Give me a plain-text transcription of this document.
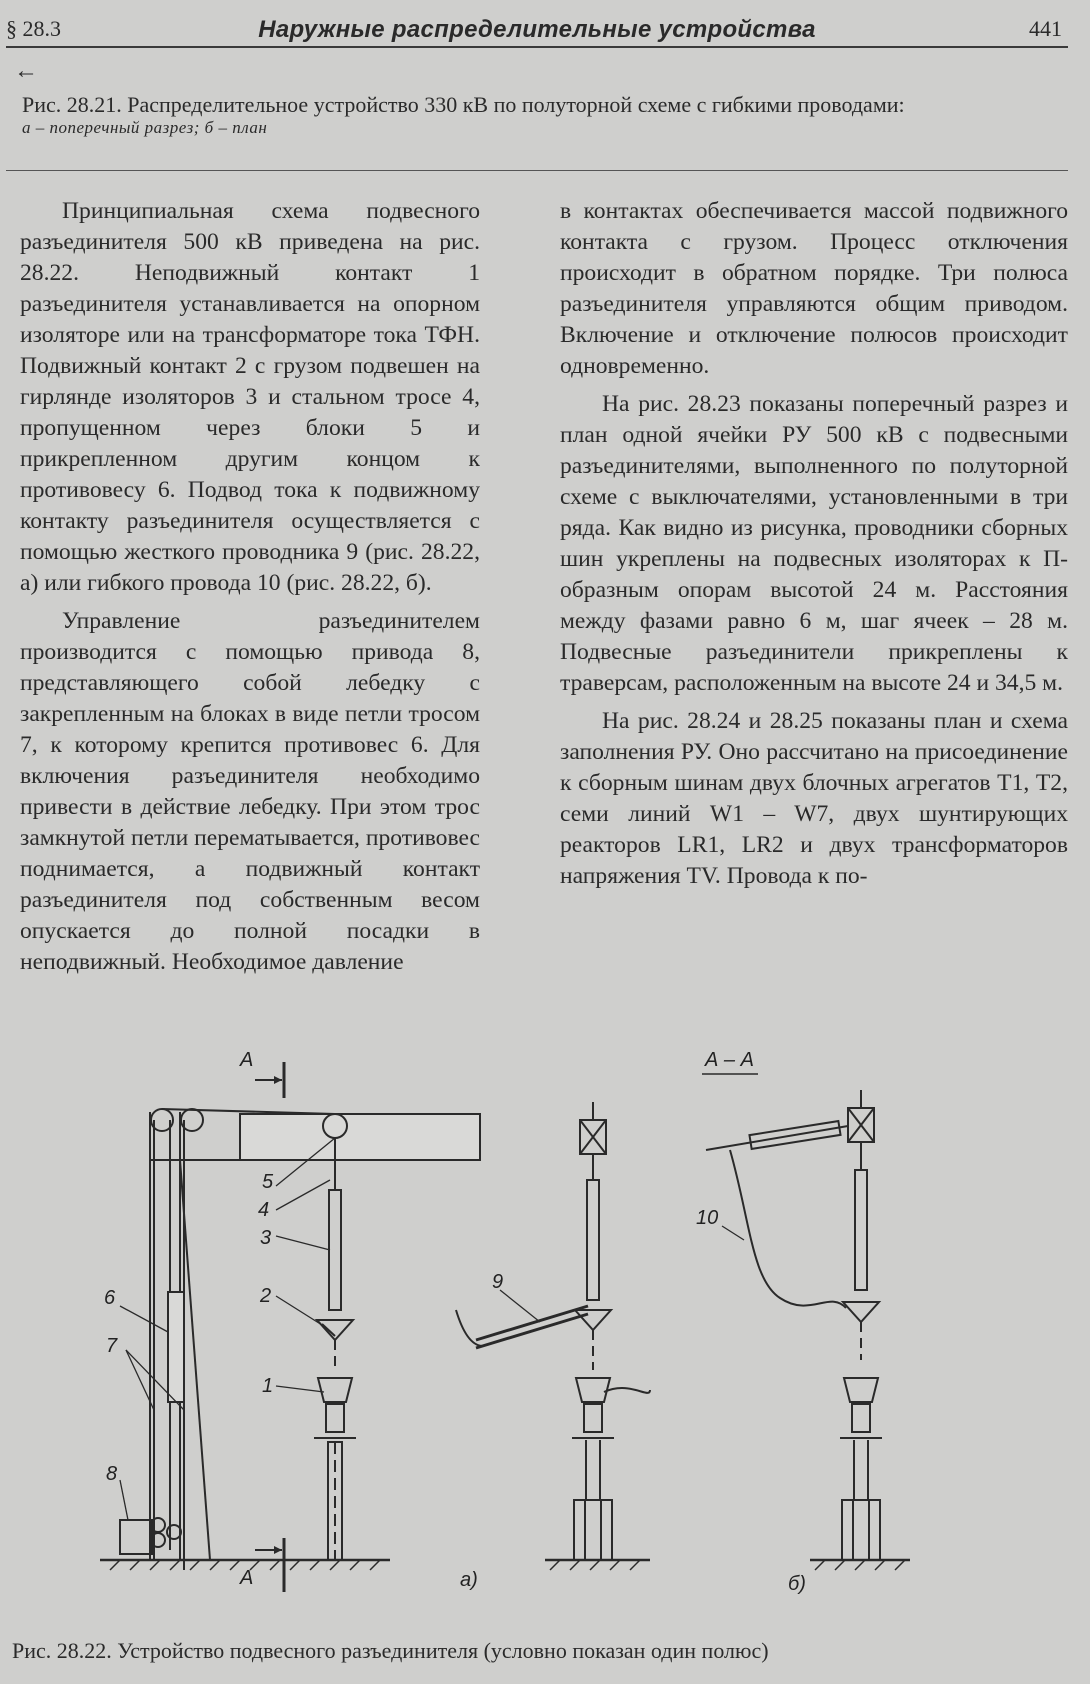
§ 28.3	Наружные распределительные устройства	441
←
Рис. 28.21. Распределительное устройство 330 кВ по полуторной схеме с гибкими проводами:
а – поперечный разрез; б – план

Принципиальная схема подвесного разъединителя 500 кВ приведена на рис. 28.22. Неподвижный контакт 1 разъединителя устанавливается на опорном изоляторе или на трансформаторе тока ТФН. Подвижный контакт 2 с грузом подвешен на гирлянде изоляторов 3 и стальном тросе 4, пропущенном через блоки 5 и прикрепленном другим концом к противовесу 6. Подвод тока к подвижному контакту разъединителя осуществляется с помощью жесткого проводника 9 (рис. 28.22, а) или гибкого провода 10 (рис. 28.22, б).

Управление разъединителем производится с помощью привода 8, представляющего собой лебедку с закрепленным на блоках в виде петли тросом 7, к которому крепится противовес 6. Для включения разъединителя необходимо привести в действие лебедку. При этом трос замкнутой петли перематывается, противовес поднимается, а подвижный контакт разъединителя под собственным весом опускается до полной посадки в неподвижный. Необходимое давление

в контактах обеспечивается массой подвижного контакта с грузом. Процесс отключения происходит в обратном порядке. Три полюса разъединителя управляются общим приводом. Включение и отключение полюсов происходит одновременно.

На рис. 28.23 показаны поперечный разрез и план одной ячейки РУ 500 кВ с подвесными разъединителями, выполненного по полуторной схеме с выключателями, установленными в три ряда. Как видно из рисунка, проводники сборных шин укреплены на подвесных изоляторах к П-образным опорам высотой 24 м. Расстояния между фазами равно 6 м, шаг ячеек – 28 м. Подвесные разъединители прикреплены к траверсам, расположенным на высоте 24 и 34,5 м.

На рис. 28.24 и 28.25 показаны план и схема заполнения РУ. Оно рассчитано на присоединение к сборным шинам двух блочных агрегатов Т1, Т2, семи линий W1 – W7, двух шунтирующих реакторов LR1, LR2 и двух трансформаторов напряжения TV. Провода к по-

А
А
5
4
3
2
1
6
7
8
9
а)
А – А
10
б)
Рис. 28.22. Устройство подвесного разъединителя (условно показан один полюс)
